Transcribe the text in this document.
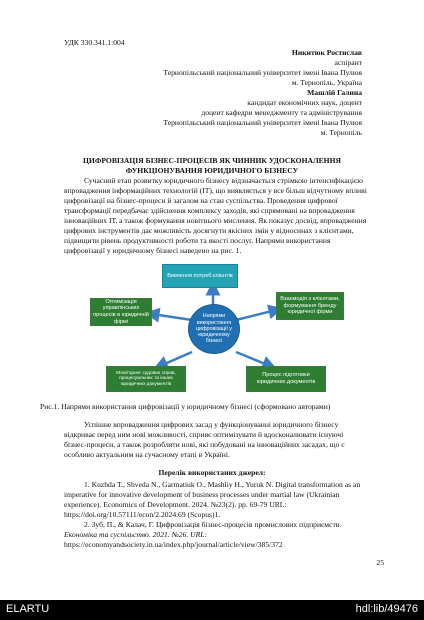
УДК 330.341.1:004
Никитюк Ростислав
аспірант
Тернопільський національний університет імені Івана Пулюя
м. Тернопіль, Україна
Машлій Галина
кандидат економічних наук, доцент
доцент кафедри менеджменту та адміністрування
Тернопільський національний університет імені Івана Пулюя
м. Тернопіль
ЦИФРОВІЗАЦІЯ БІЗНЕС-ПРОЦЕСІВ ЯК ЧИННИК УДОСКОНАЛЕННЯ
ФУНКЦІОНУВАННЯ ЮРИДИЧНОГО БІЗНЕСУ
Сучасний етап розвитку юридичного бізнесу відзначається стрімкою інтенсифікацією
впровадження інформаційних технологій (ІТ), що виявляється у все більш відчутному впливі
цифровізації на бізнес-процеси й загалом на стан суспільства. Проведення цифрової
трансформації передбачає здійснення комплексу заходів, які спрямовані на впровадження
інноваційних ІТ, а також формування новітнього мислення. Як показує досвід, впровадження
цифрових інструментів дає можливість досягнути якісних змін у відносинах з клієнтами,
підвищити рівень продуктивності роботи та якості послуг. Напрями використання
цифровізації у юридичному бізнесі наведено на рис. 1.
Вивчення потреб клієнтів
Оптимізація управлінських процесів в юридичній фірмі
Взаємодія з клієнтами, формування бренду юридичної фірми
Напрями використання цифровізації у юридичному бізнесі
Моніторинг судових справ, процесуальних та інших юридичних документів
Процес підготовки юридичних документів
Рис.1. Напрями використання цифровізації у юридичному бізнесі (сформовано авторами)
Успішне впровадження цифрових засад у функціонуванні юридичного бізнесу
відкриває перед ним нові можливості, сприяє оптимізувати й вдосконалювати існуючі
бізнес-процеси, а також розробляти нові, які побудовані на інноваційних засадах, що є
особливо актуальним на сучасному етапі в Україні.
Перелік використаних джерел:
1. Kuzhda T., Shveda N., Garmatiuk O., Mashliy H., Yuruk N. Digital transformation as an
imperative for innovative development of business processes under martial law (Ukrainian
experience). Economics of Development. 2024. №23(2). pp. 69-79 URL:
https://doi.org/10.57111/econ/2.2024.69 (Scopus)1.
2. Зуб, П., & Калач, Г. Цифровізація бізнес-процесів промислових підприємств.
Економіка та суспільство. 2021. №26. URL:
https://economyandsociety.in.ua/index.php/journal/article/view/385/372
25
ELARTU	hdl:lib/49476
